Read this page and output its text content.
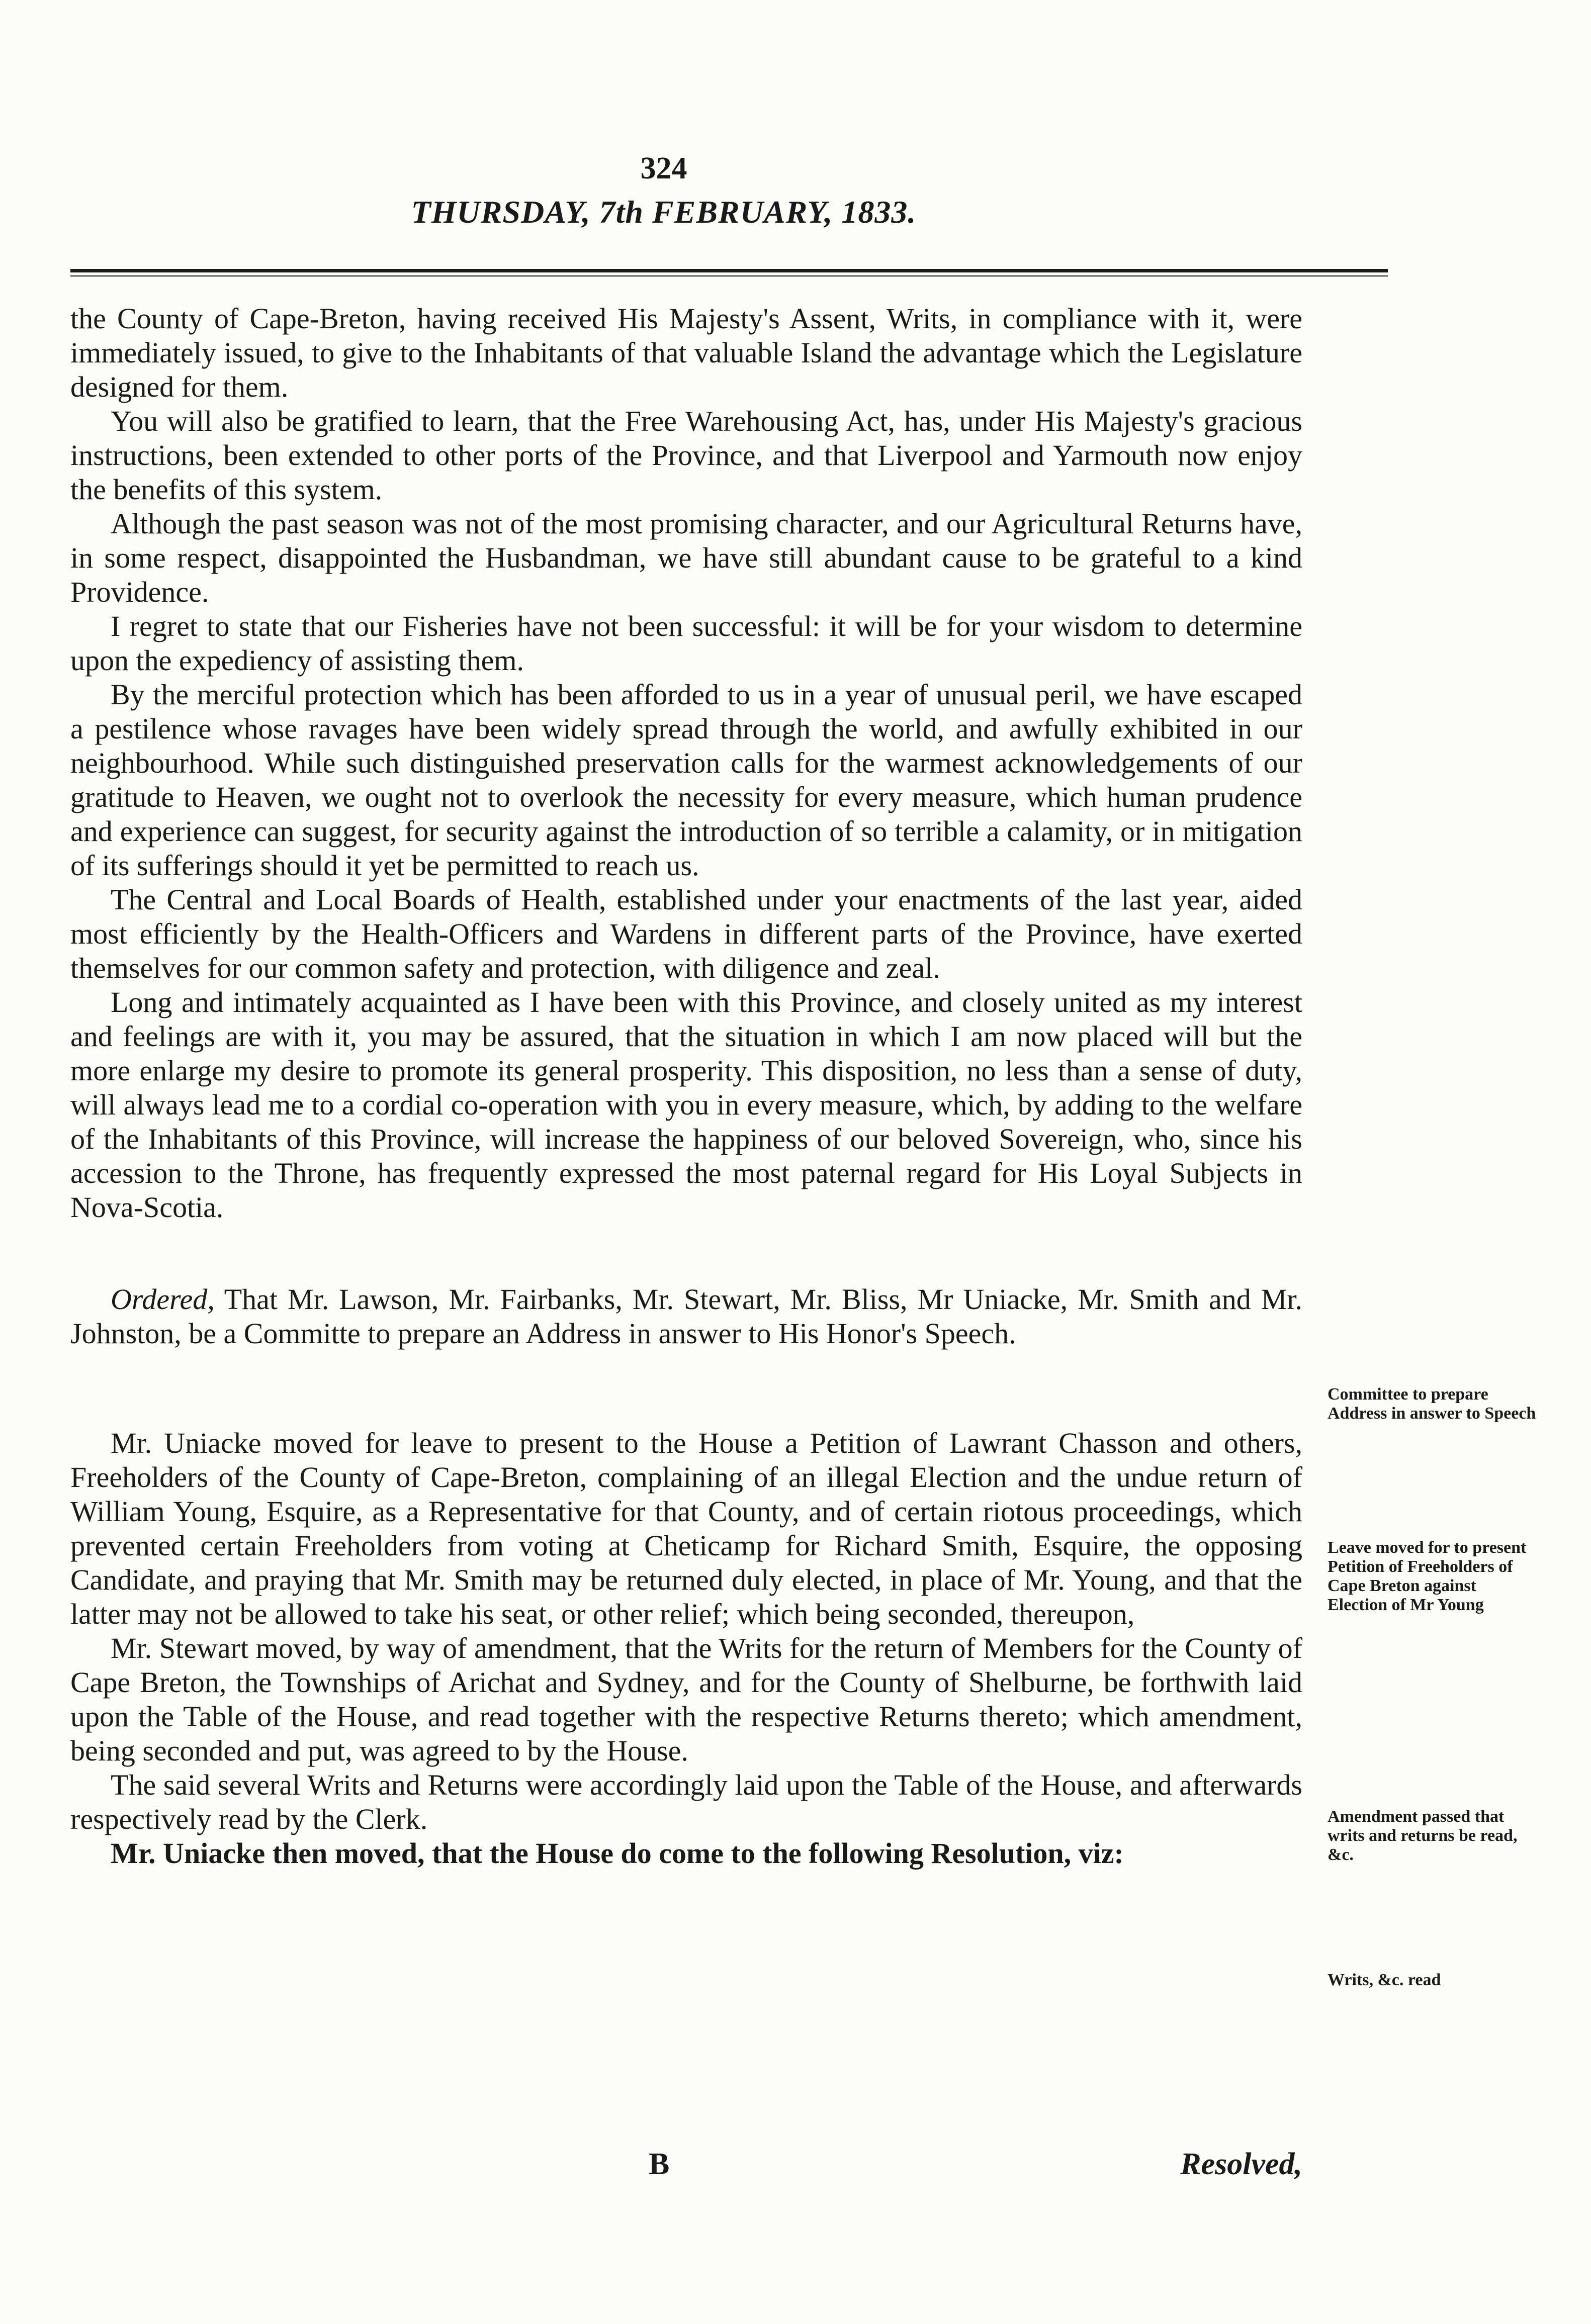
324
THURSDAY, 7th FEBRUARY, 1833.

the County of Cape-Breton, having received His Majesty's Assent, Writs, in compliance with it, were immediately issued, to give to the Inhabitants of that valuable Island the advantage which the Legislature designed for them.

You will also be gratified to learn, that the Free Warehousing Act, has, under His Majesty's gracious instructions, been extended to other ports of the Province, and that Liverpool and Yarmouth now enjoy the benefits of this system.

Although the past season was not of the most promising character, and our Agricultural Returns have, in some respect, disappointed the Husbandman, we have still abundant cause to be grateful to a kind Providence.

I regret to state that our Fisheries have not been successful: it will be for your wisdom to determine upon the expediency of assisting them.

By the merciful protection which has been afforded to us in a year of unusual peril, we have escaped a pestilence whose ravages have been widely spread through the world, and awfully exhibited in our neighbourhood. While such distinguished preservation calls for the warmest acknowledgements of our gratitude to Heaven, we ought not to overlook the necessity for every measure, which human prudence and experience can suggest, for security against the introduction of so terrible a calamity, or in mitigation of its sufferings should it yet be permitted to reach us.

The Central and Local Boards of Health, established under your enactments of the last year, aided most efficiently by the Health-Officers and Wardens in different parts of the Province, have exerted themselves for our common safety and protection, with diligence and zeal.

Long and intimately acquainted as I have been with this Province, and closely united as my interest and feelings are with it, you may be assured, that the situation in which I am now placed will but the more enlarge my desire to promote its general prosperity. This disposition, no less than a sense of duty, will always lead me to a cordial co-operation with you in every measure, which, by adding to the welfare of the Inhabitants of this Province, will increase the happiness of our beloved Sovereign, who, since his accession to the Throne, has frequently expressed the most paternal regard for His Loyal Subjects in Nova-Scotia.

Ordered, That Mr. Lawson, Mr. Fairbanks, Mr. Stewart, Mr. Bliss, Mr Uniacke, Mr. Smith and Mr. Johnston, be a Committe to prepare an Address in answer to His Honor's Speech.

Mr. Uniacke moved for leave to present to the House a Petition of Lawrant Chasson and others, Freeholders of the County of Cape-Breton, complaining of an illegal Election and the undue return of William Young, Esquire, as a Representative for that County, and of certain riotous proceedings, which prevented certain Freeholders from voting at Cheticamp for Richard Smith, Esquire, the opposing Candidate, and praying that Mr. Smith may be returned duly elected, in place of Mr. Young, and that the latter may not be allowed to take his seat, or other relief; which being seconded, thereupon,

Mr. Stewart moved, by way of amendment, that the Writs for the return of Members for the County of Cape Breton, the Townships of Arichat and Sydney, and for the County of Shelburne, be forthwith laid upon the Table of the House, and read together with the respective Returns thereto; which amendment, being seconded and put, was agreed to by the House.

The said several Writs and Returns were accordingly laid upon the Table of the House, and afterwards respectively read by the Clerk.

Mr. Uniacke then moved, that the House do come to the following Resolution, viz:

B	Resolved,
Committee to prepare Address in answer to Speech
Leave moved for to present Petition of Freeholders of Cape Breton against Election of Mr Young
Amendment passed that writs and returns be read, &c.
Writs, &c. read
